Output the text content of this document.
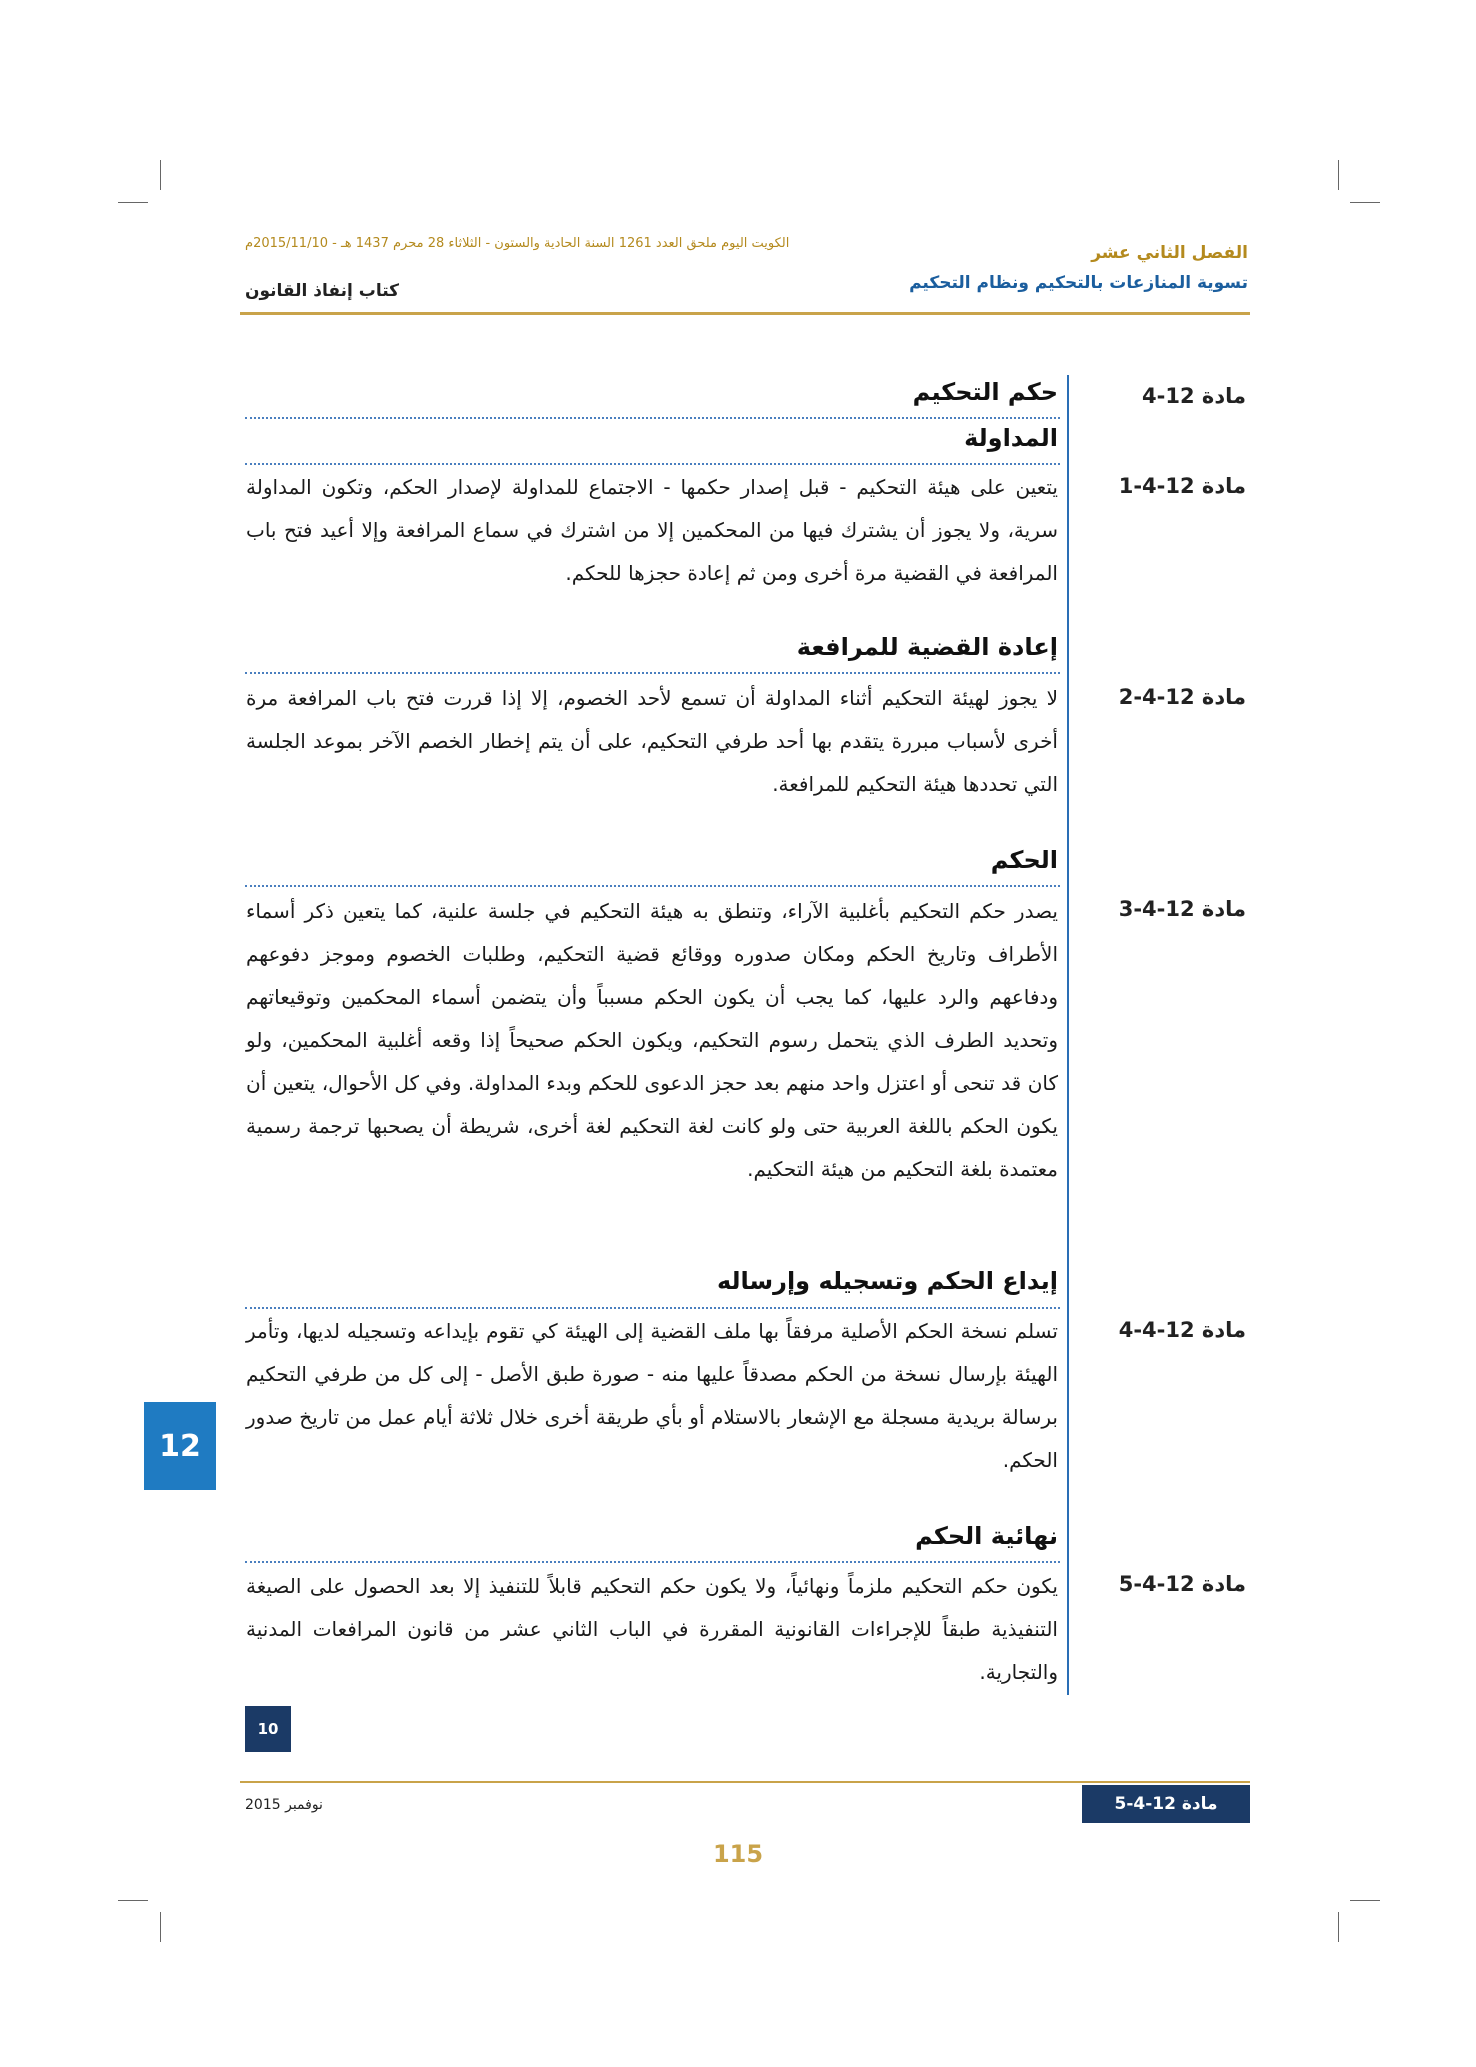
الفصل الثاني عشر
تسوية المنازعات بالتحكيم ونظام التحكيم
الكويت اليوم ملحق العدد 1261 السنة الحادية والستون - الثلاثاء 28 محرم 1437 هـ - 2015/11/10م
كتاب إنفاذ القانون
مادة 12-4
حكم التحكيم
المداولة
مادة 12-4-1

يتعين على هيئة التحكيم - قبل إصدار حكمها - الاجتماع للمداولة لإصدار الحكم، وتكون المداولة سرية، ولا يجوز أن يشترك فيها من المحكمين إلا من اشترك في سماع المرافعة وإلا أعيد فتح باب المرافعة في القضية مرة أخرى ومن ثم إعادة حجزها للحكم.

إعادة القضية للمرافعة
مادة 12-4-2

لا يجوز لهيئة التحكيم أثناء المداولة أن تسمع لأحد الخصوم، إلا إذا قررت فتح باب المرافعة مرة أخرى لأسباب مبررة يتقدم بها أحد طرفي التحكيم، على أن يتم إخطار الخصم الآخر بموعد الجلسة التي تحددها هيئة التحكيم للمرافعة.

الحكم
مادة 12-4-3

يصدر حكم التحكيم بأغلبية الآراء، وتنطق به هيئة التحكيم في جلسة علنية، كما يتعين ذكر أسماء الأطراف وتاريخ الحكم ومكان صدوره ووقائع قضية التحكيم، وطلبات الخصوم وموجز دفوعهم ودفاعهم والرد عليها، كما يجب أن يكون الحكم مسبباً وأن يتضمن أسماء المحكمين وتوقيعاتهم وتحديد الطرف الذي يتحمل رسوم التحكيم، ويكون الحكم صحيحاً إذا وقعه أغلبية المحكمين، ولو كان قد تنحى أو اعتزل واحد منهم بعد حجز الدعوى للحكم وبدء المداولة. وفي كل الأحوال، يتعين أن يكون الحكم باللغة العربية حتى ولو كانت لغة التحكيم لغة أخرى، شريطة أن يصحبها ترجمة رسمية معتمدة بلغة التحكيم من هيئة التحكيم.

إيداع الحكم وتسجيله وإرساله
مادة 12-4-4

تسلم نسخة الحكم الأصلية مرفقاً بها ملف القضية إلى الهيئة كي تقوم بإيداعه وتسجيله لديها، وتأمر الهيئة بإرسال نسخة من الحكم مصدقاً عليها منه - صورة طبق الأصل - إلى كل من طرفي التحكيم برسالة بريدية مسجلة مع الإشعار بالاستلام أو بأي طريقة أخرى خلال ثلاثة أيام عمل من تاريخ صدور الحكم.

نهائية الحكم
مادة 12-4-5

يكون حكم التحكيم ملزماً ونهائياً، ولا يكون حكم التحكيم قابلاً للتنفيذ إلا بعد الحصول على الصيغة التنفيذية طبقاً للإجراءات القانونية المقررة في الباب الثاني عشر من قانون المرافعات المدنية والتجارية.

12
10
نوفمبر 2015	مادة 12-4-5
115
